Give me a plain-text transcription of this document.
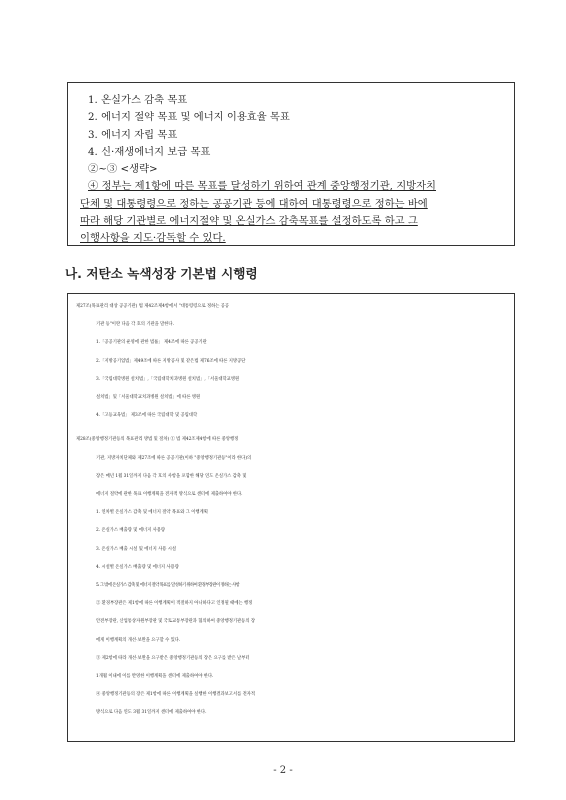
1. 온실가스 감축 목표
2. 에너지 절약 목표 및 에너지 이용효율 목표
3. 에너지 자립 목표
4. 신·재생에너지 보급 목표
②~③ <생략>
④ 정부는 제1항에 따른 목표를 달성하기 위하여 관계 중앙행정기관, 지방자치
단체 및 대통령령으로 정하는 공공기관 등에 대하여 대통령령으로 정하는 바에
따라 해당 기관별로 에너지절약 및 온실가스 감축목표를 설정하도록 하고 그
이행사항을 지도·감독할 수 있다.
나. 저탄소 녹색성장 기본법 시행령
제27조(목표관리 대상 공공기관) 법 제42조제4항에서 "대통령령으로 정하는 공공
기관 등"이란 다음 각 호의 기관을 말한다.
1.「공공기관의 운영에 관한 법률」 제4조에 따른 공공기관
2.「지방공기업법」제49조에 따른 지방공사 및 같은법 제76조에 따른 지방공단
3.「국립대학병원 설치법」,「국립대학치과병원 설치법」,「서울대학교병원
설치법」및「서울대학교치과병원 설치법」에 따른 병원
4.「고등교육법」 제3조에 따른 국립대학 및 공립대학
제28조(중앙행정기관등의 목표관리 방법 및 절차) ① 법 제42조제4항에 따른 중앙행정
기관, 지방자치단체와 제27조에 따른 공공기관(이하 "중앙행정기관등"이라 한다)의
장은 매년 1월 31일까지 다음 각 호의 사항을 포함한 해당 연도 온실가스 감축 및
에너지 절약에 관한 목표 이행계획을 전자적 방식으로 센터에 제출하여야 한다.
1. 연차별 온실가스 감축 및 에너지 절약 목표와 그 이행계획
2. 온실가스 배출량 및 에너지 사용량
3. 온실가스 배출 시설 및 에너지 사용 시설
4. 시설별 온실가스 배출량 및 에너지 사용량
5. 그 밖에 온실가스 감축 및 에너지 절약 목표를 달성하기 위하여 환경부장관이 정하는 사항
② 환경부장관은 제1항에 따른 이행계획이 적절하지 아니하다고 인정될 때에는 행정
안전부장관, 산업통상자원부장관 및 국토교통부장관과 협의하여 중앙행정기관등의 장
에게 이행계획의 개선·보완을 요구할 수 있다.
③ 제2항에 따라 개선·보완을 요구받은 중앙행정기관등의 장은 요구를 받은 날부터
1개월 이내에 이를 반영한 이행계획을 센터에 제출하여야 한다.
④ 중앙행정기관등의 장은 제1항에 따른 이행계획을 실행한 이행결과보고서를 전자적
방식으로 다음 연도 3월 31일까지 센터에 제출하여야 한다.
- 2 -
